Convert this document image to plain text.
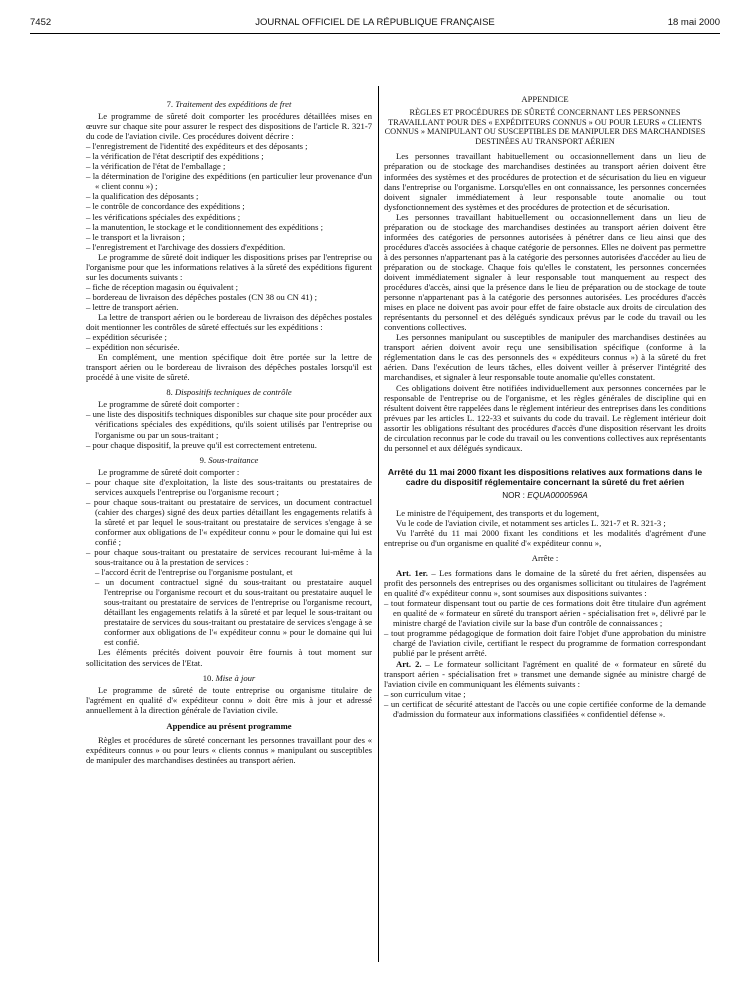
7452	JOURNAL OFFICIEL DE LA RÉPUBLIQUE FRANÇAISE	18 mai 2000

7. Traitement des expéditions de fret

Le programme de sûreté doit comporter les procédures détaillées mises en œuvre sur chaque site pour assurer le respect des dispositions de l'article R. 321-7 du code de l'aviation civile. Ces procédures doivent décrire :

– l'enregistrement de l'identité des expéditeurs et des déposants ;

– la vérification de l'état descriptif des expéditions ;

– la vérification de l'état de l'emballage ;

– la détermination de l'origine des expéditions (en particulier leur provenance d'un « client connu ») ;

– la qualification des déposants ;

– le contrôle de concordance des expéditions ;

– les vérifications spéciales des expéditions ;

– la manutention, le stockage et le conditionnement des expéditions ;

– le transport et la livraison ;

– l'enregistrement et l'archivage des dossiers d'expédition.

Le programme de sûreté doit indiquer les dispositions prises par l'entreprise ou l'organisme pour que les informations relatives à la sûreté des expéditions figurent sur les documents suivants :

– fiche de réception magasin ou équivalent ;

– bordereau de livraison des dépêches postales (CN 38 ou CN 41) ;

– lettre de transport aérien.

La lettre de transport aérien ou le bordereau de livraison des dépêches postales doit mentionner les contrôles de sûreté effectués sur les expéditions :

– expédition sécurisée ;

– expédition non sécurisée.

En complément, une mention spécifique doit être portée sur la lettre de transport aérien ou le bordereau de livraison des dépêches postales lorsqu'il est procédé à une visite de sûreté.

8. Dispositifs techniques de contrôle

Le programme de sûreté doit comporter :

– une liste des dispositifs techniques disponibles sur chaque site pour procéder aux vérifications spéciales des expéditions, qu'ils soient utilisés par l'entreprise ou l'organisme ou par un sous-traitant ;

– pour chaque dispositif, la preuve qu'il est correctement entretenu.

9. Sous-traitance

Le programme de sûreté doit comporter :

– pour chaque site d'exploitation, la liste des sous-traitants ou prestataires de services auxquels l'entreprise ou l'organisme recourt ;

– pour chaque sous-traitant ou prestataire de services, un document contractuel (cahier des charges) signé des deux parties détaillant les engagements relatifs à la sûreté et par lequel le sous-traitant ou prestataire de services s'engage à se conformer aux obligations de l'« expéditeur connu » pour le domaine qui lui est confié ;

– pour chaque sous-traitant ou prestataire de services recourant lui-même à la sous-traitance ou à la prestation de services :

– l'accord écrit de l'entreprise ou l'organisme postulant, et

– un document contractuel signé du sous-traitant ou prestataire auquel l'entreprise ou l'organisme recourt et du sous-traitant ou prestataire auquel le sous-traitant ou prestataire de services de l'entreprise ou l'organisme recourt, détaillant les engagements relatifs à la sûreté et par lequel le sous-traitant ou prestataire de services du sous-traitant ou prestataire de services s'engage à se conformer aux obligations de l'« expéditeur connu » pour le domaine qui lui est confié.

Les éléments précités doivent pouvoir être fournis à tout moment sur sollicitation des services de l'Etat.

10. Mise à jour

Le programme de sûreté de toute entreprise ou organisme titulaire de l'agrément en qualité d'« expéditeur connu » doit être mis à jour et adressé annuellement à la direction générale de l'aviation civile.

Appendice au présent programme

Règles et procédures de sûreté concernant les personnes travaillant pour des « expéditeurs connus » ou pour leurs « clients connus » manipulant ou susceptibles de manipuler des marchandises destinées au transport aérien.

APPENDICE

RÈGLES ET PROCÉDURES DE SÛRETÉ CONCERNANT LES PERSONNES TRAVAILLANT POUR DES « EXPÉDITEURS CONNUS » OU POUR LEURS « CLIENTS CONNUS » MANIPULANT OU SUSCEPTIBLES DE MANIPULER DES MARCHANDISES DESTINÉES AU TRANSPORT AÉRIEN

Les personnes travaillant habituellement ou occasionnellement dans un lieu de préparation ou de stockage des marchandises destinées au transport aérien doivent être informées des systèmes et des procédures de protection et de sécurisation du lieu en vigueur dans l'entreprise ou l'organisme. Lorsqu'elles en ont connaissance, les personnes concernées doivent signaler immédiatement à leur responsable toute anomalie ou tout dysfonctionnement des systèmes et des procédures de protection et de sécurisation.

Les personnes travaillant habituellement ou occasionnellement dans un lieu de préparation ou de stockage des marchandises destinées au transport aérien doivent être informées des catégories de personnes autorisées à pénétrer dans ce lieu ainsi que des procédures d'accès associées à chaque catégorie de personnes. Elles ne doivent pas permettre à des personnes n'appartenant pas à la catégorie des personnes autorisées d'accéder au lieu de préparation ou de stockage. Chaque fois qu'elles le constatent, les personnes concernées doivent immédiatement signaler à leur responsable tout manquement au respect des procédures d'accès, ainsi que la présence dans le lieu de préparation ou de stockage de toute personne n'appartenant pas à la catégorie des personnes autorisées. Les procédures d'accès mises en place ne doivent pas avoir pour effet de faire obstacle aux droits de circulation des représentants du personnel et des délégués syndicaux prévus par le code du travail ou les conventions collectives.

Les personnes manipulant ou susceptibles de manipuler des marchandises destinées au transport aérien doivent avoir reçu une sensibilisation spécifique (conforme à la réglementation dans le cas des personnels des « expéditeurs connus ») à la sûreté du fret aérien. Dans l'exécution de leurs tâches, elles doivent veiller à préserver l'intégrité des marchandises, et signaler à leur responsable toute anomalie qu'elles constatent.

Ces obligations doivent être notifiées individuellement aux personnes concernées par le responsable de l'entreprise ou de l'organisme, et les règles générales de discipline qui en résultent doivent être rappelées dans le règlement intérieur des entreprises dans les conditions prévues par les articles L. 122-33 et suivants du code du travail. Le règlement intérieur doit assortir les obligations résultant des procédures d'accès d'une disposition réservant les droits de circulation reconnus par le code du travail ou les conventions collectives aux représentants du personnel et aux délégués syndicaux.

Arrêté du 11 mai 2000 fixant les dispositions relatives aux formations dans le cadre du dispositif réglementaire concernant la sûreté du fret aérien

NOR : EQUA0000596A

Le ministre de l'équipement, des transports et du logement,

Vu le code de l'aviation civile, et notamment ses articles L. 321-7 et R. 321-3 ;

Vu l'arrêté du 11 mai 2000 fixant les conditions et les modalités d'agrément d'une entreprise ou d'un organisme en qualité d'« expéditeur connu »,

Arrête :

Art. 1er. – Les formations dans le domaine de la sûreté du fret aérien, dispensées au profit des personnels des entreprises ou des organismes sollicitant ou titulaires de l'agrément en qualité d'« expéditeur connu », sont soumises aux dispositions suivantes :

– tout formateur dispensant tout ou partie de ces formations doit être titulaire d'un agrément en qualité de « formateur en sûreté du transport aérien - spécialisation fret », délivré par le ministre chargé de l'aviation civile sur la base d'un contrôle de connaissances ;

– tout programme pédagogique de formation doit faire l'objet d'une approbation du ministre chargé de l'aviation civile, certifiant le respect du programme de formation correspondant publié par le présent arrêté.

Art. 2. – Le formateur sollicitant l'agrément en qualité de « formateur en sûreté du transport aérien - spécialisation fret » transmet une demande signée au ministre chargé de l'aviation civile en communiquant les éléments suivants :

– son curriculum vitae ;

– un certificat de sécurité attestant de l'accès ou une copie certifiée conforme de la demande d'admission du formateur aux informations classifiées « confidentiel défense ».
